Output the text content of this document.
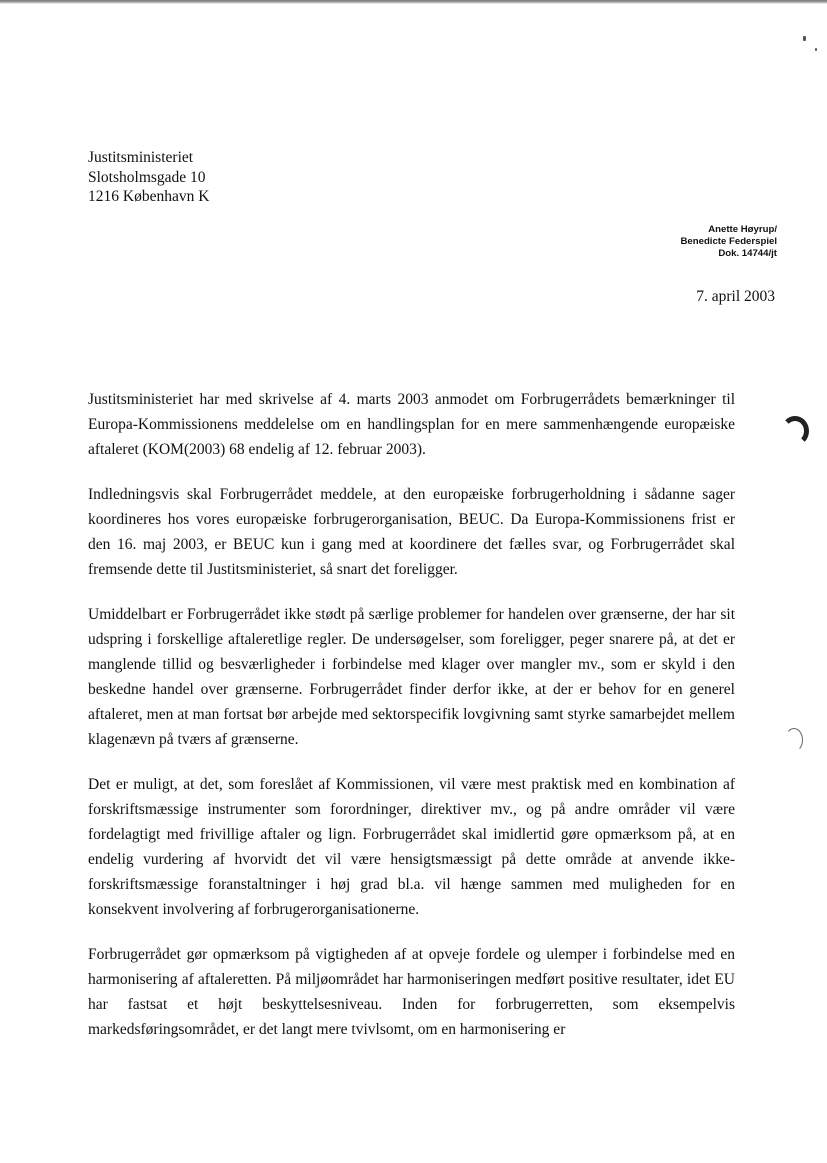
Justitsministeriet
Slotsholmsgade 10
1216 København K
Anette Høyrup/
Benedicte Federspiel
Dok. 14744/jt
7. april 2003

Justitsministeriet har med skrivelse af 4. marts 2003 anmodet om Forbrugerrådets bemærkninger til Europa-Kommissionens meddelelse om en handlingsplan for en mere sammenhængende europæiske aftaleret (KOM(2003) 68 endelig af 12. februar 2003).

Indledningsvis skal Forbrugerrådet meddele, at den europæiske forbrugerholdning i sådanne sager koordineres hos vores europæiske forbrugerorganisation, BEUC. Da Europa-Kommissionens frist er den 16. maj 2003, er BEUC kun i gang med at koordinere det fælles svar, og Forbrugerrådet skal fremsende dette til Justitsministeriet, så snart det foreligger.

Umiddelbart er Forbrugerrådet ikke stødt på særlige problemer for handelen over grænserne, der har sit udspring i forskellige aftaleretlige regler. De undersøgelser, som foreligger, peger snarere på, at det er manglende tillid og besværligheder i forbindelse med klager over mangler mv., som er skyld i den beskedne handel over grænserne. Forbrugerrådet finder derfor ikke, at der er behov for en generel aftaleret, men at man fortsat bør arbejde med sektorspecifik lovgivning samt styrke samarbejdet mellem klagenævn på tværs af grænserne.

Det er muligt, at det, som foreslået af Kommissionen, vil være mest praktisk med en kombination af forskriftsmæssige instrumenter som forordninger, direktiver mv., og på andre områder vil være fordelagtigt med frivillige aftaler og lign. Forbrugerrådet skal imidlertid gøre opmærksom på, at en endelig vurdering af hvorvidt det vil være hensigtsmæssigt på dette område at anvende ikke-forskriftsmæssige foranstaltninger i høj grad bl.a. vil hænge sammen med muligheden for en konsekvent involvering af forbrugerorganisationerne.

Forbrugerrådet gør opmærksom på vigtigheden af at opveje fordele og ulemper i forbindelse med en harmonisering af aftaleretten. På miljøområdet har harmoniseringen medført positive resultater, idet EU har fastsat et højt beskyttelsesniveau. Inden for forbrugerretten, som eksempelvis markedsføringsområdet, er det langt mere tvivlsomt, om en harmonisering er
